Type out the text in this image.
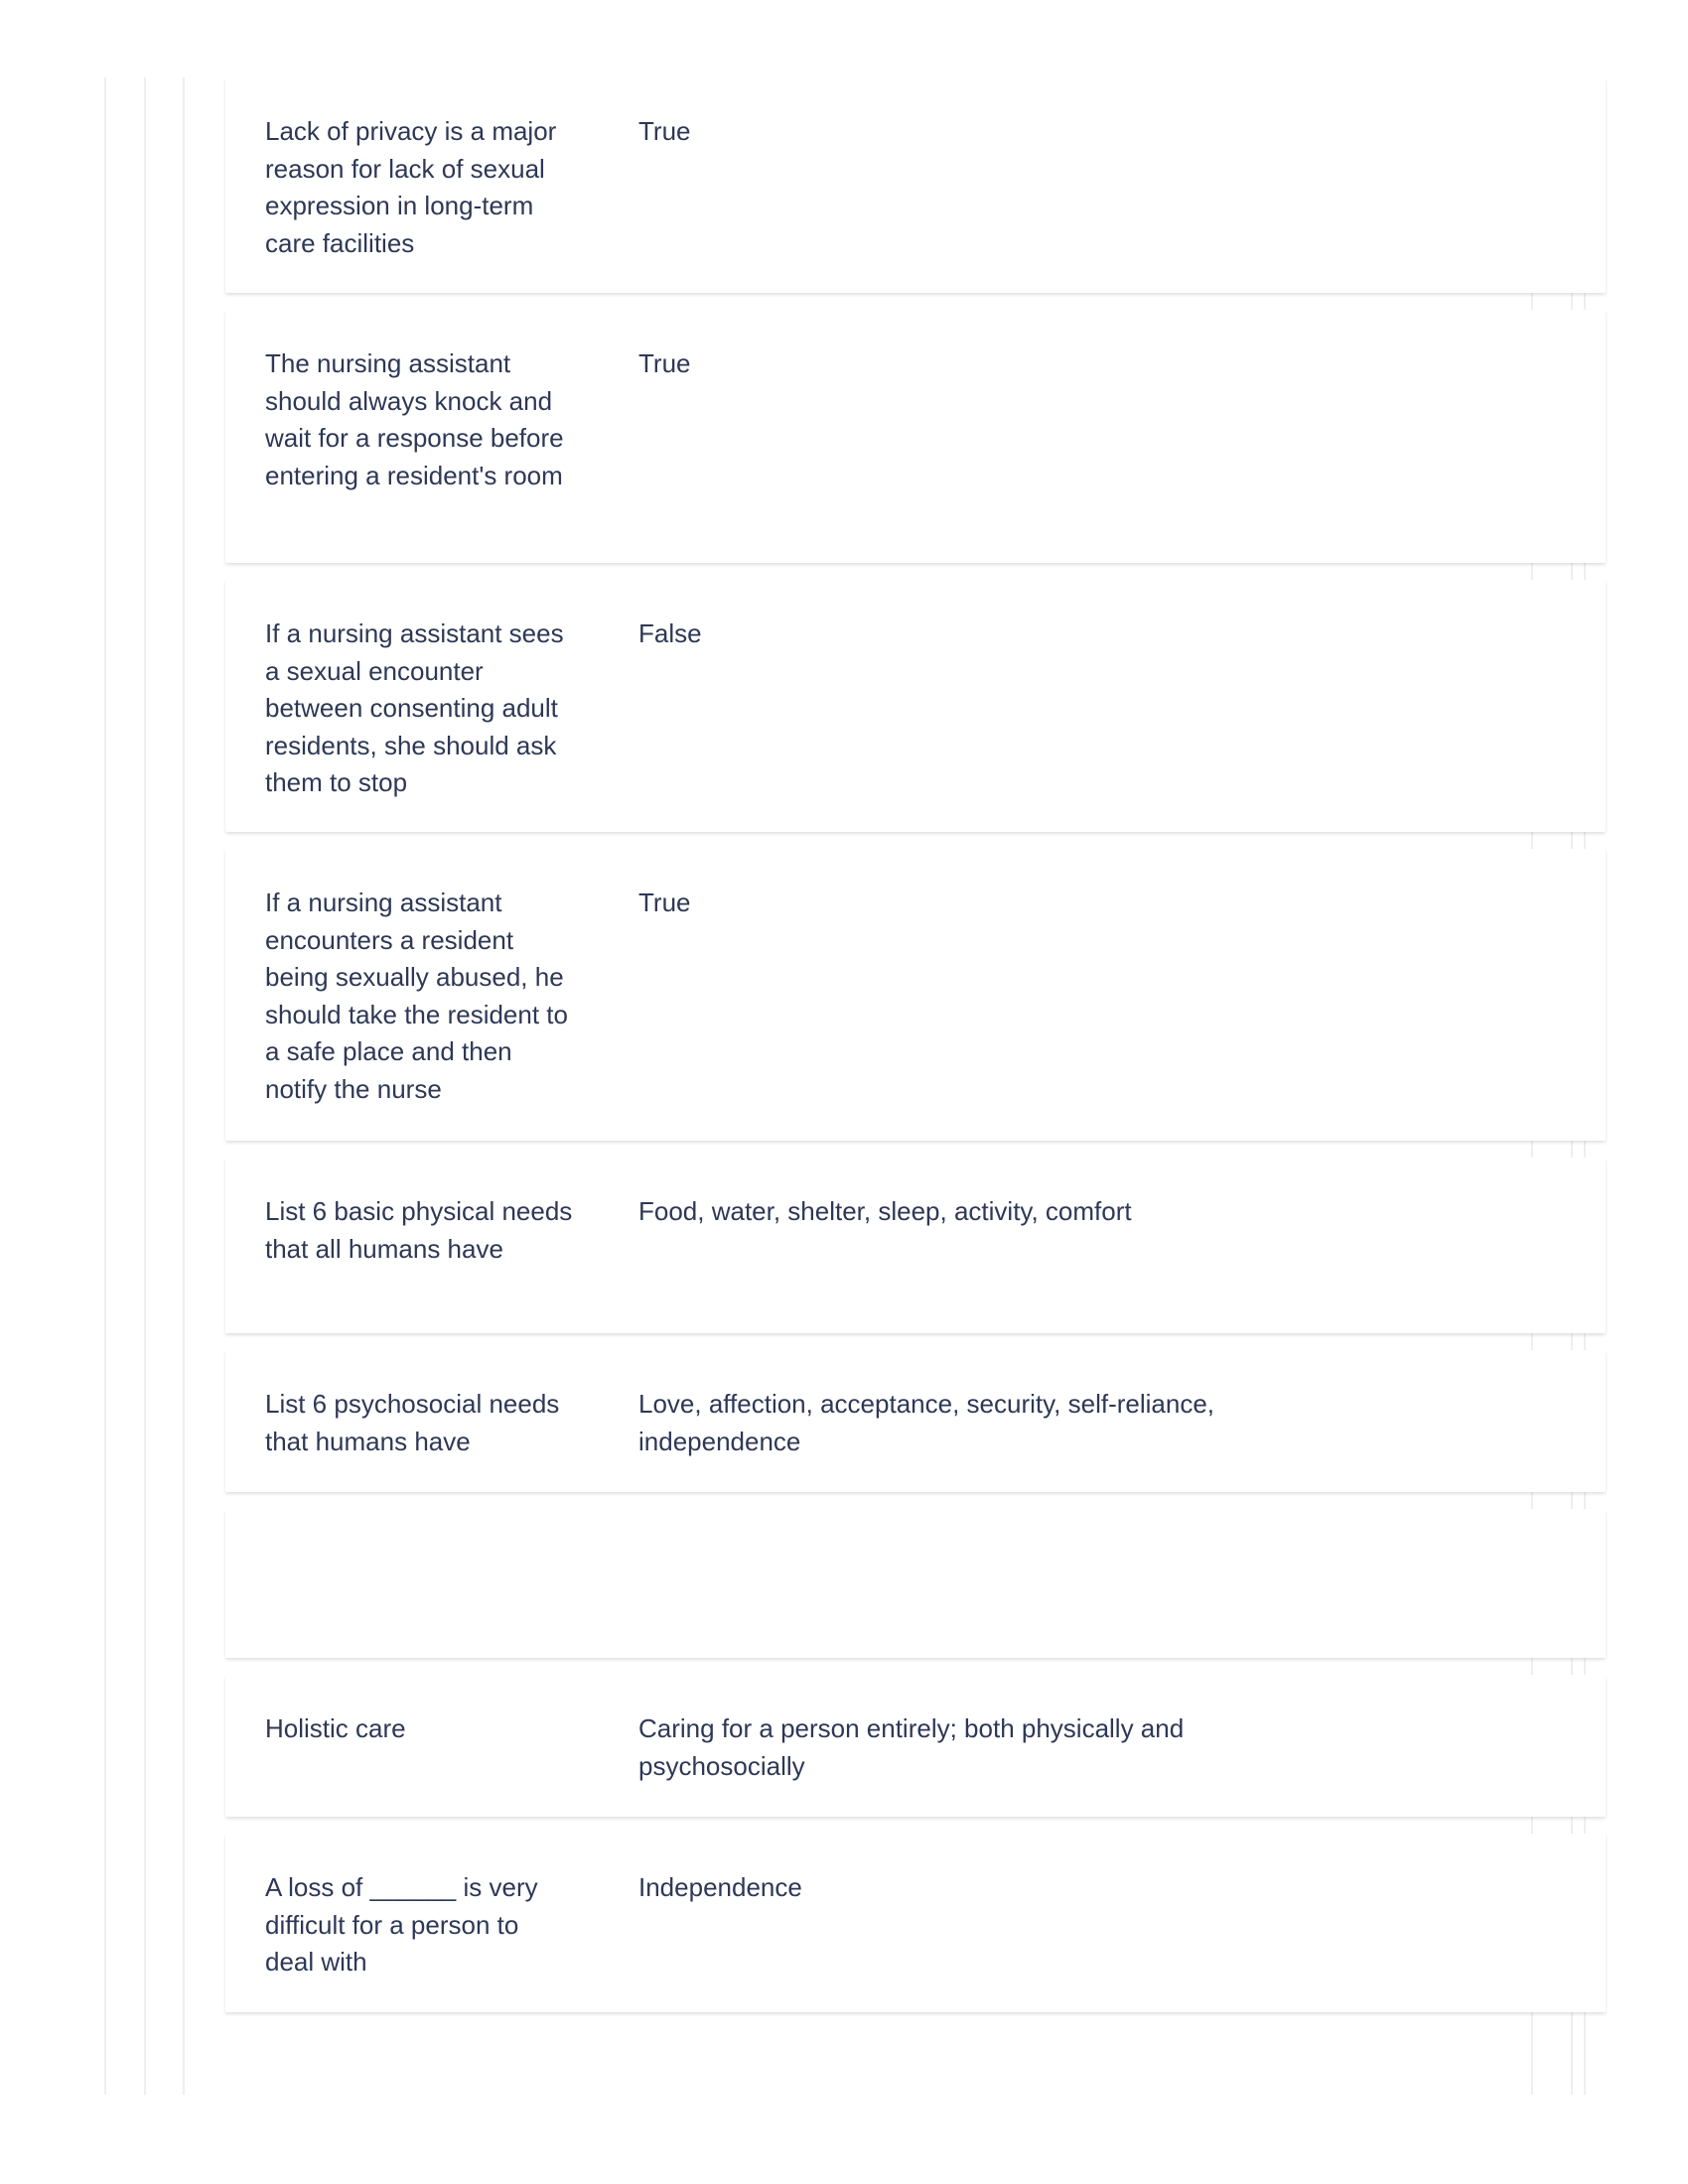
Lack of privacy is a major reason for lack of sexual expression in long-term care facilities
True
The nursing assistant should always knock and wait for a response before entering a resident's room
True
If a nursing assistant sees a sexual encounter between consenting adult residents, she should ask them to stop
False
If a nursing assistant encounters a resident being sexually abused, he should take the resident to a safe place and then notify the nurse
True
List 6 basic physical needs that all humans have
Food, water, shelter, sleep, activity, comfort
List 6 psychosocial needs that humans have
Love, affection, acceptance, security, self-reliance, independence
Holistic care	Caring for a person entirely; both physically and psychosocially
A loss of ______ is very difficult for a person to deal with
Independence
